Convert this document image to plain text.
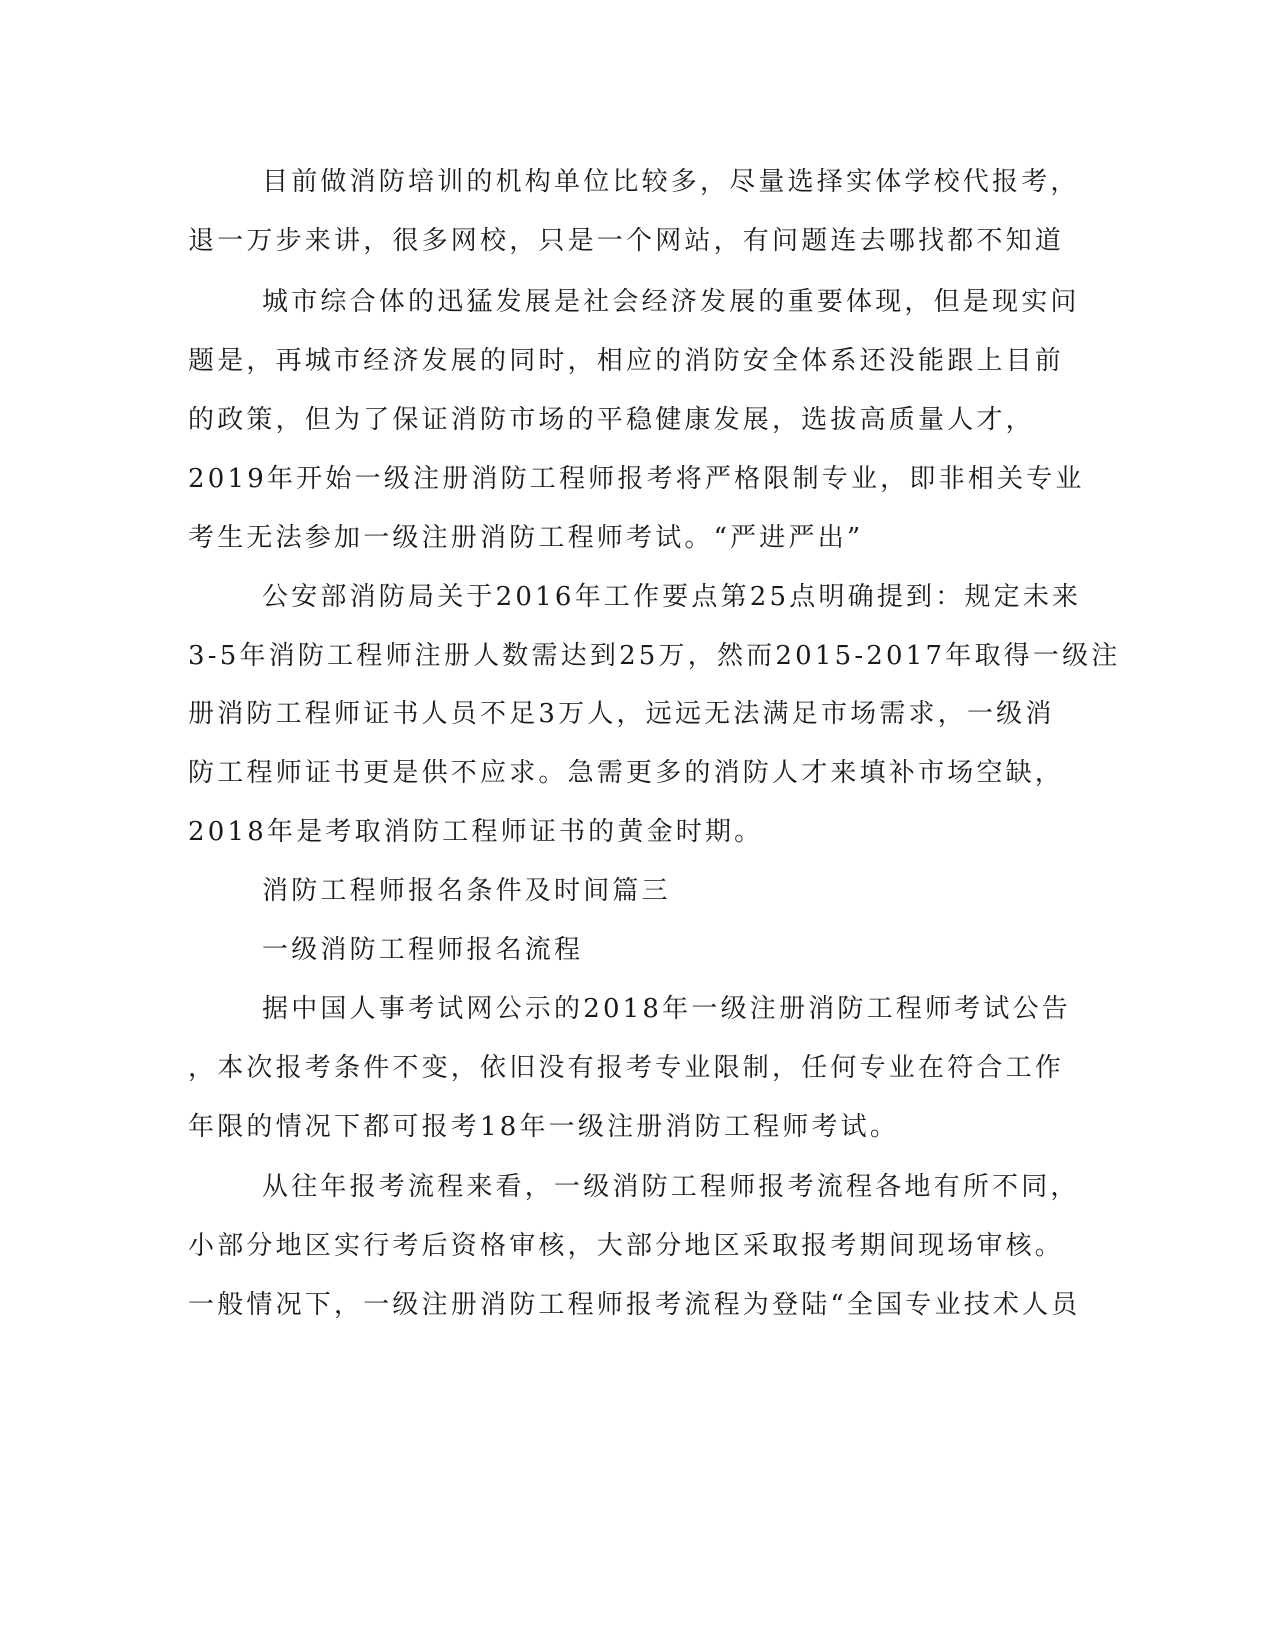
目前做消防培训的机构单位比较多，尽量选择实体学校代报考，
退一万步来讲，很多网校，只是一个网站，有问题连去哪找都不知道
城市综合体的迅猛发展是社会经济发展的重要体现，但是现实问
题是，再城市经济发展的同时，相应的消防安全体系还没能跟上目前
的政策，但为了保证消防市场的平稳健康发展，选拔高质量人才，
2019年开始一级注册消防工程师报考将严格限制专业，即非相关专业
考生无法参加一级注册消防工程师考试。“严进严出”
公安部消防局关于2016年工作要点第25点明确提到：规定未来
3-5年消防工程师注册人数需达到25万，然而2015-2017年取得一级注
册消防工程师证书人员不足3万人，远远无法满足市场需求，一级消
防工程师证书更是供不应求。急需更多的消防人才来填补市场空缺，
2018年是考取消防工程师证书的黄金时期。
消防工程师报名条件及时间篇三
一级消防工程师报名流程
据中国人事考试网公示的2018年一级注册消防工程师考试公告
，本次报考条件不变，依旧没有报考专业限制，任何专业在符合工作
年限的情况下都可报考18年一级注册消防工程师考试。
从往年报考流程来看，一级消防工程师报考流程各地有所不同，
小部分地区实行考后资格审核，大部分地区采取报考期间现场审核。
一般情况下，一级注册消防工程师报考流程为登陆“全国专业技术人员
